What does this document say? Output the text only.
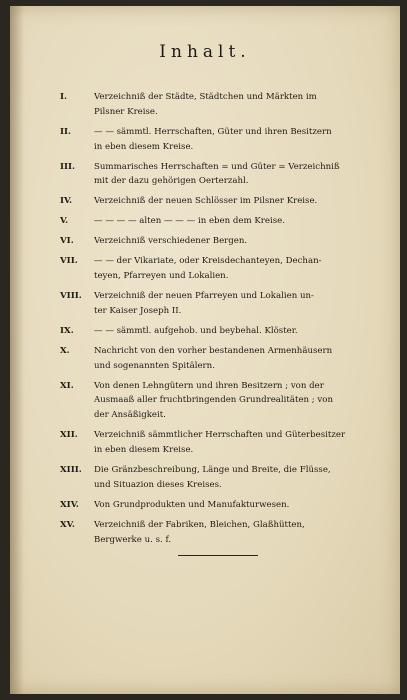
Inhalt.
I.	Verzeichniß der Städte, Städtchen und Märkten im
Pilsner Kreise.
II.	— — sämmtl. Herrschaften, Güter und ihren Besitzern
in eben diesem Kreise.
III. Summarisches Herrschaften = und Güter = Verzeichniß
mit der dazu gehörigen Oerterzahl.
IV.	Verzeichniß der neuen Schlösser im Pilsner Kreise.
V.	— — — — alten — — — in eben dem Kreise.
VI. Verzeichniß verschiedener Bergen.
VII. — — der Vikariate, oder Kreisdechanteyen, Dechan-
teyen, Pfarreyen und Lokalien.
VIII. Verzeichniß der neuen Pfarreyen und Lokalien un-
ter Kaiser Joseph II.
IX. — — sämmtl. aufgehob. und beybehal. Klöster.
X.	Nachricht von den vorher bestandenen Armenhäusern
und sogenannten Spitälern.
XI. Von denen Lehngütern und ihren Besitzern ; von der
Ausmaaß aller fruchtbringenden Grundrealitäten ; von
der Ansäßigkeit.
XII. Verzeichniß sämmtlicher Herrschaften und Güterbesitzer
in eben diesem Kreise.
XIII. Die Gränzbeschreibung, Länge und Breite, die Flüsse,
und Situazion dieses Kreises.
XIV. Von Grundprodukten und Manufakturwesen.
XV. Verzeichniß der Fabriken, Bleichen, Glaßhütten,
Bergwerke u. s. f.
